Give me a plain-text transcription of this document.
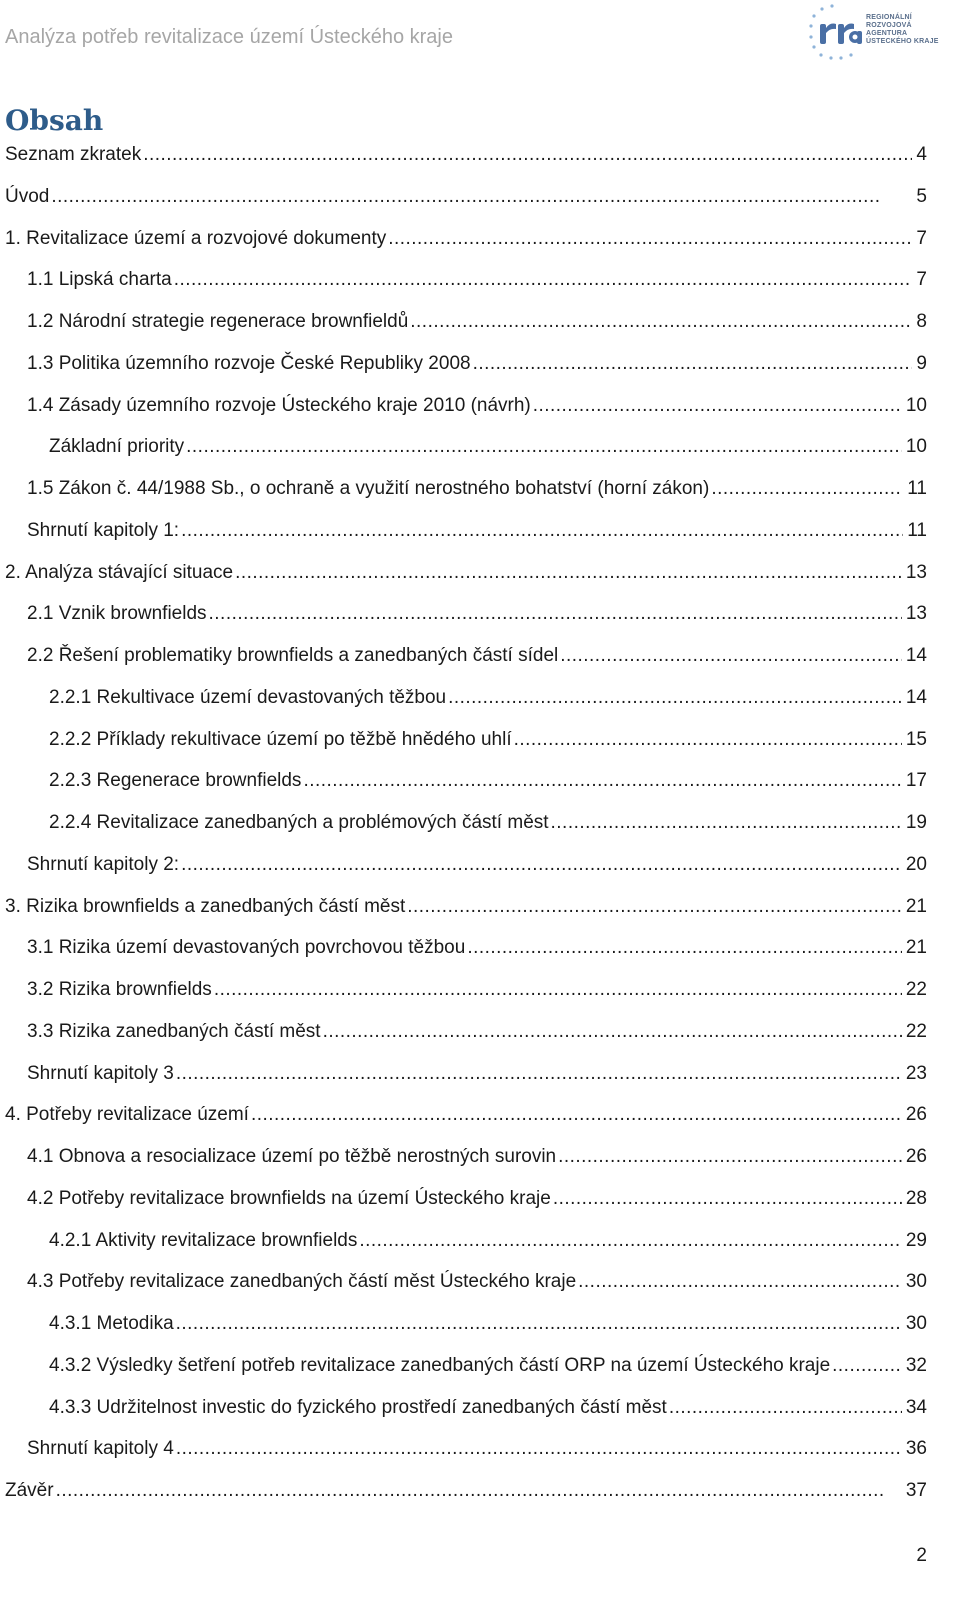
Analýza potřeb revitalizace území Ústeckého kraje
REGIONÁLNÍ
ROZVOJOVÁ
AGENTURA
ÚSTECKÉHO KRAJE
Obsah
Seznam zkratek . . .	4
Úvod . . .	5
1. Revitalizace území a rozvojové dokumenty . . .	7
1.1 Lipská charta . . .	7
1.2 Národní strategie regenerace brownfieldů . . .	8
1.3 Politika územního rozvoje České Republiky 2008 . . .	9
1.4 Zásady územního rozvoje Ústeckého kraje 2010 (návrh) . . .	10
Základní priority . . .	10
1.5 Zákon č. 44/1988 Sb., o ochraně a využití nerostného bohatství (horní zákon) . . .	11
Shrnutí kapitoly 1: . . .	11
2. Analýza stávající situace . . .	13
2.1 Vznik brownfields . . .	13
2.2 Řešení problematiky brownfields a zanedbaných částí sídel . . .	14
2.2.1 Rekultivace území devastovaných těžbou . . .	14
2.2.2 Příklady rekultivace území po těžbě hnědého uhlí . . .	15
2.2.3 Regenerace brownfields . . .	17
2.2.4 Revitalizace zanedbaných a problémových částí měst . . .	19
Shrnutí kapitoly 2: . . .	20
3. Rizika brownfields a zanedbaných částí měst . . .	21
3.1 Rizika území devastovaných povrchovou těžbou . . .	21
3.2 Rizika brownfields . . .	22
3.3 Rizika zanedbaných částí měst . . .	22
Shrnutí kapitoly 3 . . .	23
4. Potřeby revitalizace území . . .	26
4.1 Obnova a resocializace území po těžbě nerostných surovin . . .	26
4.2 Potřeby revitalizace brownfields na území Ústeckého kraje . . .	28
4.2.1 Aktivity revitalizace brownfields . . .	29
4.3 Potřeby revitalizace zanedbaných částí měst Ústeckého kraje . . .	30
4.3.1 Metodika . . .	30
4.3.2 Výsledky šetření potřeb revitalizace zanedbaných částí ORP na území Ústeckého kraje . . .	32
4.3.3 Udržitelnost investic do fyzického prostředí zanedbaných částí měst . . .	34
Shrnutí kapitoly 4 . . .	36
Závěr . . .	37
2
